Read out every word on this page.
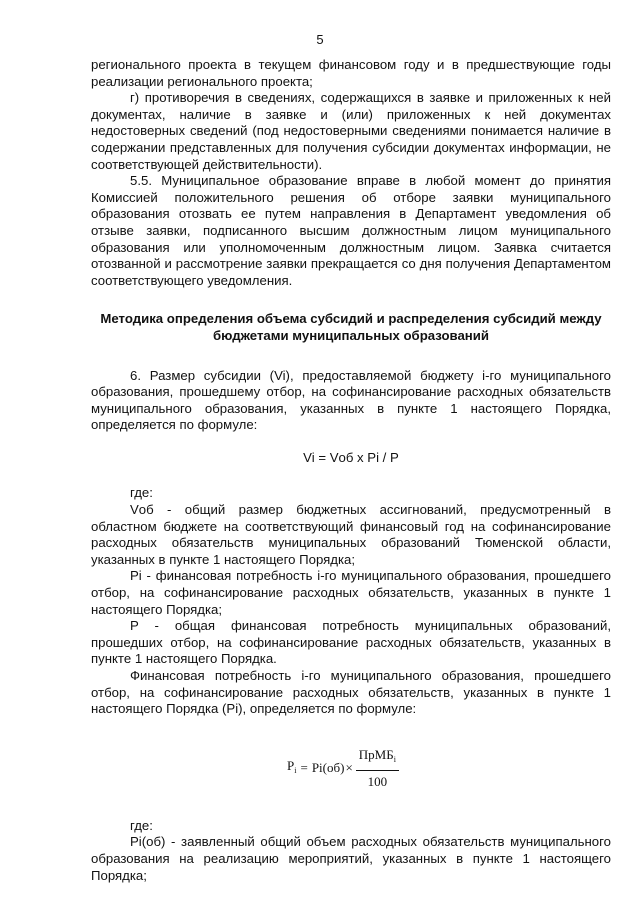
5

регионального проекта в текущем финансовом году и в предшествующие годы реализации регионального проекта;

г) противоречия в сведениях, содержащихся в заявке и приложенных к ней документах, наличие в заявке и (или) приложенных к ней документах недостоверных сведений (под недостоверными сведениями понимается наличие в содержании представленных для получения субсидии документах информации, не соответствующей действительности).

5.5. Муниципальное образование вправе в любой момент до принятия Комиссией положительного решения об отборе заявки муниципального образования отозвать ее путем направления в Департамент уведомления об отзыве заявки, подписанного высшим должностным лицом муниципального образования или уполномоченным должностным лицом. Заявка считается отозванной и рассмотрение заявки прекращается со дня получения Департаментом соответствующего уведомления.

Методика определения объема субсидий и распределения субсидий между бюджетами муниципальных образований

6. Размер субсидии (Vi), предоставляемой бюджету i-го муниципального образования, прошедшему отбор, на софинансирование расходных обязательств муниципального образования, указанных в пункте 1 настоящего Порядка, определяется по формуле:

Vi = Vоб x Pi / P

где:

Vоб - общий размер бюджетных ассигнований, предусмотренный в областном бюджете на соответствующий финансовый год на софинансирование расходных обязательств муниципальных образований Тюменской области, указанных в пункте 1 настоящего Порядка;

Pi - финансовая потребность i-го муниципального образования, прошедшего отбор, на софинансирование расходных обязательств, указанных в пункте 1 настоящего Порядка;

P - общая финансовая потребность муниципальных образований, прошедших отбор, на софинансирование расходных обязательств, указанных в пункте 1 настоящего Порядка.

Финансовая потребность i-го муниципального образования, прошедшего отбор, на софинансирование расходных обязательств, указанных в пункте 1 настоящего Порядка (Pi), определяется по формуле:

$P_i = Pi(об) \times \frac{ПрМБ_i}{100}$

где:

Pi(об) - заявленный общий объем расходных обязательств муниципального образования на реализацию мероприятий, указанных в пункте 1 настоящего Порядка;
